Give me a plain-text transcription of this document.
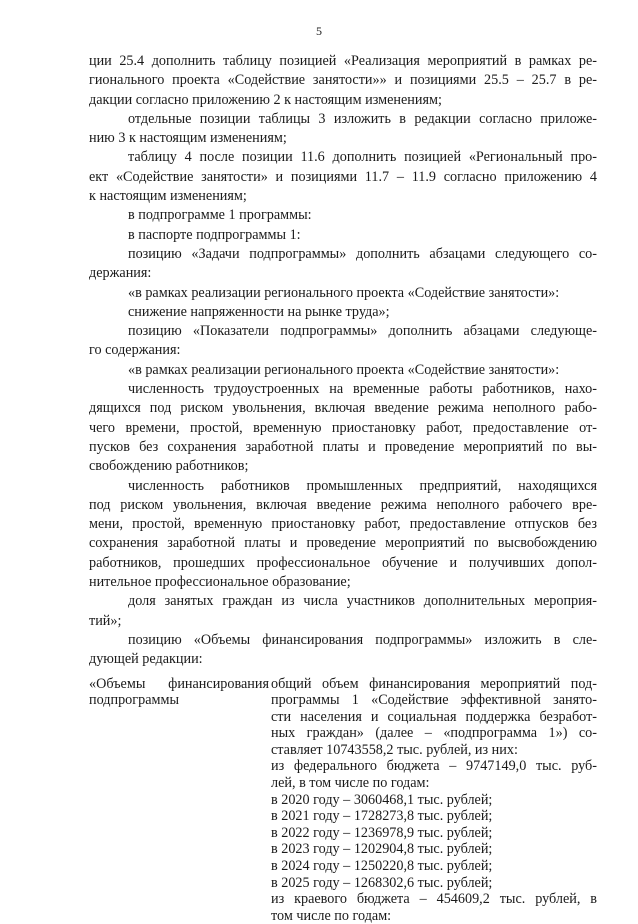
5
ции 25.4 дополнить таблицу позицией «Реализация мероприятий в рамках ре-
гионального проекта «Содействие занятости»» и позициями 25.5 – 25.7 в ре-
дакции согласно приложению 2 к настоящим изменениям;
отдельные позиции таблицы 3 изложить в редакции согласно приложе-
нию 3 к настоящим изменениям;
таблицу 4 после позиции 11.6 дополнить позицией «Региональный про-
ект «Содействие занятости» и позициями 11.7 – 11.9 согласно приложению 4
к настоящим изменениям;
в подпрограмме 1 программы:
в паспорте подпрограммы 1:
позицию «Задачи подпрограммы» дополнить абзацами следующего со-
держания:
«в рамках реализации регионального проекта «Содействие занятости»:
снижение напряженности на рынке труда»;
позицию «Показатели подпрограммы» дополнить абзацами следующе-
го содержания:
«в рамках реализации регионального проекта «Содействие занятости»:
численность трудоустроенных на временные работы работников, нахо-
дящихся под риском увольнения, включая введение режима неполного рабо-
чего времени, простой, временную приостановку работ, предоставление от-
пусков без сохранения заработной платы и проведение мероприятий по вы-
свобождению работников;
численность работников промышленных предприятий, находящихся
под риском увольнения, включая введение режима неполного рабочего вре-
мени, простой, временную приостановку работ, предоставление отпусков без
сохранения заработной платы и проведение мероприятий по высвобождению
работников, прошедших профессиональное обучение и получивших допол-
нительное профессиональное образование;
доля занятых граждан из числа участников дополнительных мероприя-
тий»;
позицию «Объемы финансирования подпрограммы» изложить в сле-
дующей редакции:
«Объемы финансирования
подпрограммы
общий объем финансирования мероприятий под-
программы 1 «Содействие эффективной занято-
сти населения и социальная поддержка безработ-
ных граждан» (далее – «подпрограмма 1») со-
ставляет 10743558,2 тыс. рублей, из них:
из федерального бюджета – 9747149,0 тыс. руб-
лей, в том числе по годам:
в 2020 году – 3060468,1 тыс. рублей;
в 2021 году – 1728273,8 тыс. рублей;
в 2022 году – 1236978,9 тыс. рублей;
в 2023 году – 1202904,8 тыс. рублей;
в 2024 году – 1250220,8 тыс. рублей;
в 2025 году – 1268302,6 тыс. рублей;
из краевого бюджета – 454609,2 тыс. рублей, в
том числе по годам:
